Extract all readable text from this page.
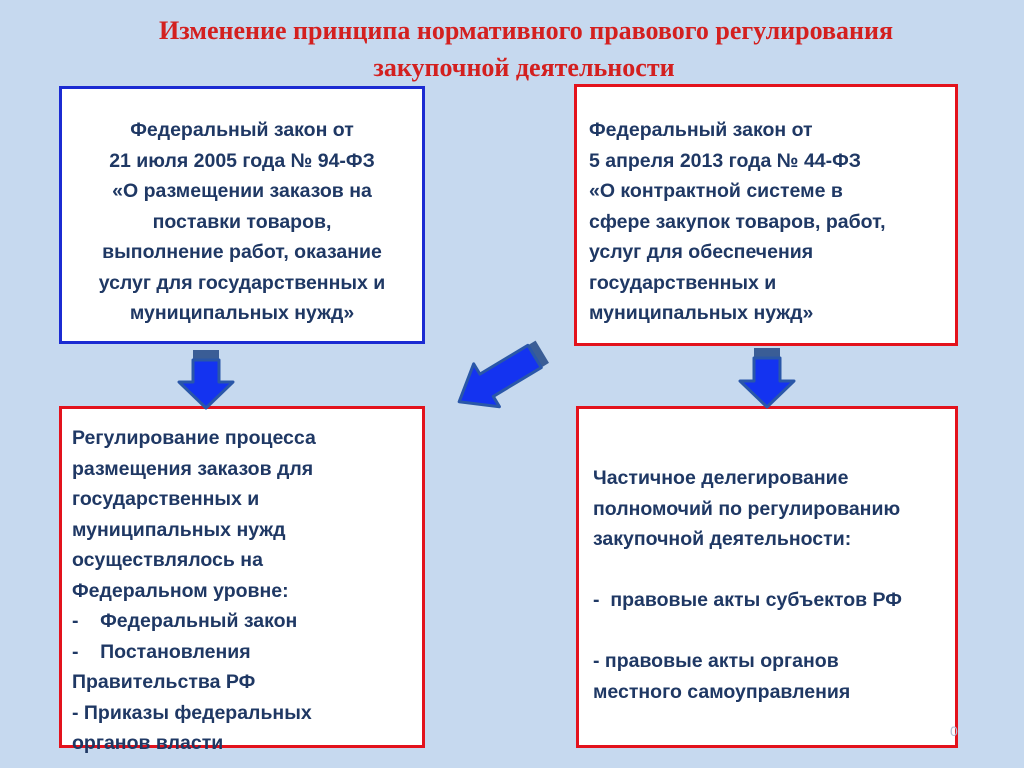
Изменение принципа нормативного правового регулирования
закупочной деятельности
Федеральный закон от
21 июля 2005 года № 94-ФЗ
«О размещении заказов на
поставки товаров,
выполнение работ, оказание
услуг для государственных и
муниципальных нужд»
Федеральный закон от
5 апреля 2013 года № 44-ФЗ
«О контрактной системе в
сфере закупок товаров, работ,
услуг для обеспечения
государственных и
муниципальных нужд»
Регулирование процесса
размещения заказов для
государственных и
муниципальных нужд
осуществлялось на
Федеральном уровне:
-    Федеральный закон
-    Постановления
Правительства РФ
- Приказы федеральных
органов власти
Частичное делегирование
полномочий по регулированию
закупочной деятельности:
-  правовые акты субъектов РФ
- правовые акты органов
местного самоуправления
0
